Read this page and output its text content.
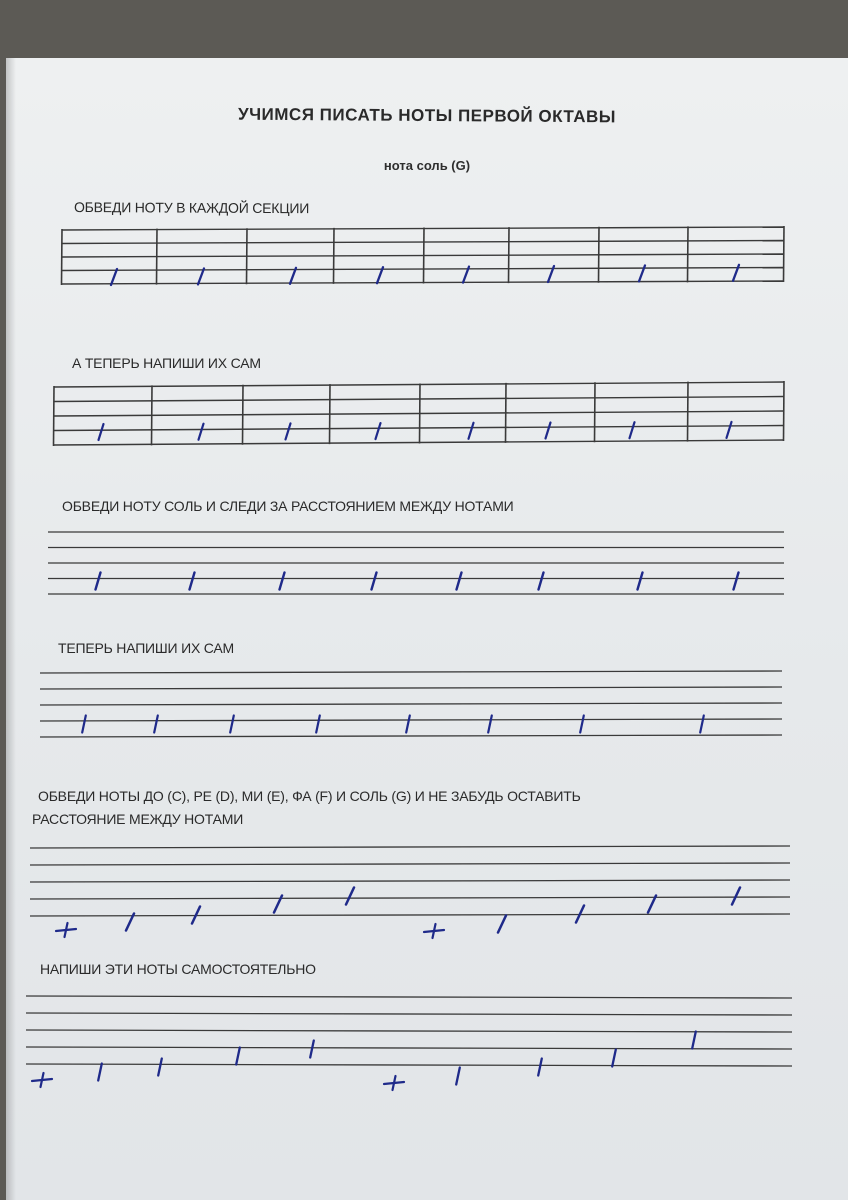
УЧИМСЯ ПИСАТЬ НОТЫ ПЕРВОЙ ОКТАВЫ
нота соль (G)
ОБВЕДИ НОТУ В КАЖДОЙ СЕКЦИИ
А ТЕПЕРЬ НАПИШИ ИХ САМ
ОБВЕДИ НОТУ СОЛЬ И СЛЕДИ ЗА РАССТОЯНИЕМ МЕЖДУ НОТАМИ
ТЕПЕРЬ НАПИШИ ИХ САМ
ОБВЕДИ НОТЫ ДО (C), РЕ (D), МИ (E), ФА (F) И СОЛЬ (G) И НЕ ЗАБУДЬ ОСТАВИТЬ
РАССТОЯНИЕ МЕЖДУ НОТАМИ
НАПИШИ ЭТИ НОТЫ САМОСТОЯТЕЛЬНО
